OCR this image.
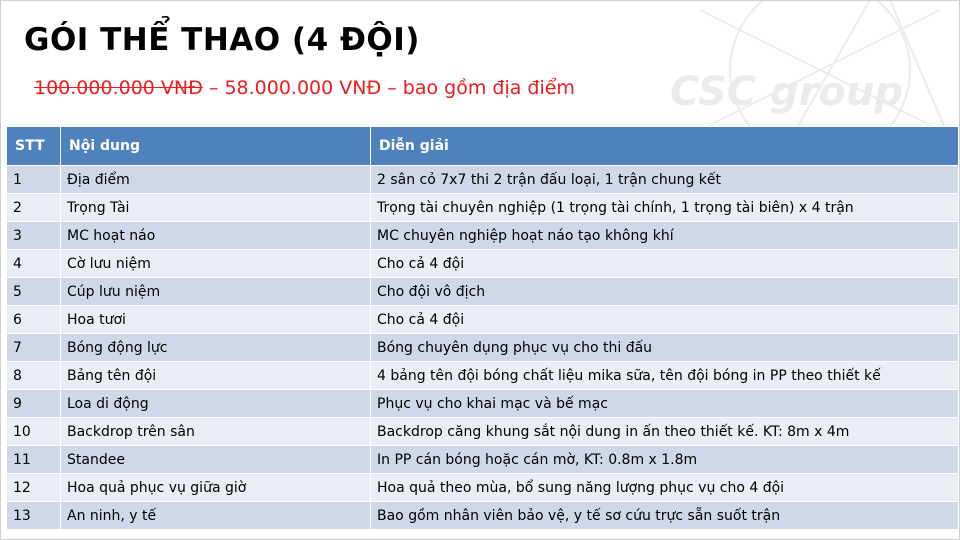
CSC group
GÓI THỂ THAO (4 ĐỘI)
100.000.000 VNĐ – 58.000.000 VNĐ – bao gồm địa điểm
STT	Nội dung	Diễn giải
1	Địa điểm	2 sân cỏ 7x7 thi 2 trận đấu loại, 1 trận chung kết
2	Trọng Tài	Trọng tài chuyên nghiệp (1 trọng tài chính, 1 trọng tài biên) x 4 trận
3	MC hoạt náo	MC chuyên nghiệp hoạt náo tạo không khí
4	Cờ lưu niệm	Cho cả 4 đội
5	Cúp lưu niệm	Cho đội vô địch
6	Hoa tươi	Cho cả 4 đội
7	Bóng động lực	Bóng chuyên dụng phục vụ cho thi đấu
8	Bảng tên đội	4 bảng tên đội bóng chất liệu mika sữa, tên đội bóng in PP theo thiết kế
9	Loa di động	Phục vụ cho khai mạc và bế mạc
10	Backdrop trên sân	Backdrop căng khung sắt nội dung in ấn theo thiết kế. KT: 8m x 4m
11	Standee	In PP cán bóng hoặc cán mờ, KT: 0.8m x 1.8m
12	Hoa quả phục vụ giữa giờ	Hoa quả theo mùa, bổ sung năng lượng phục vụ cho 4 đội
13	An ninh, y tế	Bao gồm nhân viên bảo vệ, y tế sơ cứu trực sẵn suốt trận
